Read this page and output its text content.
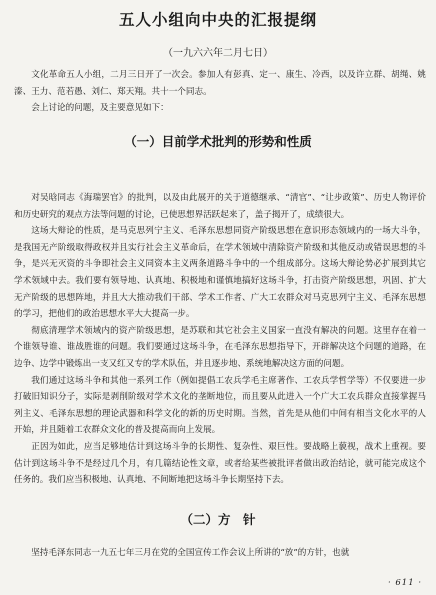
五人小组向中央的汇报提纲
（一九六六年二月七日）

文化革命五人小组，二月三日开了一次会。参加人有彭真、定一、康生、冷西，以及许立群、胡绳、姚溱、王力、范若愚、刘仁、郑天翔。共十一个同志。

会上讨论的问题，及主要意见如下：

（一）目前学术批判的形势和性质

对吴晗同志《海瑞罢官》的批判，以及由此展开的关于道德继承、“清官”、“让步政策”、历史人物评价和历史研究的观点方法等问题的讨论，已使思想界活跃起来了，盖子揭开了，成绩很大。

这场大辩论的性质，是马克思列宁主义、毛泽东思想同资产阶级思想在意识形态领域内的一场大斗争，是我国无产阶级取得政权并且实行社会主义革命后，在学术领域中清除资产阶级和其他反动或错误思想的斗争，是兴无灭资的斗争即社会主义同资本主义两条道路斗争中的一个组成部分。这场大辩论势必扩展到其它学术领域中去。我们要有领导地、认真地、积极地和谨慎地搞好这场斗争，打击资产阶级思想，巩固、扩大无产阶级的思想阵地，并且大大推动我们干部、学术工作者、广大工农群众对马克思列宁主义、毛泽东思想的学习，把他们的政治思想水平大大提高一步。

彻底清理学术领域内的资产阶级思想，是苏联和其它社会主义国家一直没有解决的问题。这里存在着一个谁领导谁、谁战胜谁的问题。我们要通过这场斗争，在毛泽东思想指导下，开辟解决这个问题的道路，在边争、边学中锻炼出一支又红又专的学术队伍，并且逐步地、系统地解决这方面的问题。

我们通过这场斗争和其他一系列工作（例如提倡工农兵学毛主席著作、工农兵学哲学等）不仅要进一步打破旧知识分子，实际是剥削阶级对学术文化的垄断地位，而且要从此进入一个广大工农兵群众直接掌握马列主义、毛泽东思想的理论武器和科学文化的新的历史时期。当然，首先是从他们中间有相当文化水平的人开始，并且随着工农群众文化的普及提高而向上发展。

正因为如此，应当足够地估计到这场斗争的长期性、复杂性、艰巨性。要战略上藐视，战术上重视。要估计到这场斗争不是经过几个月，有几篇结论性文章，或者给某些被批评者做出政治结论，就可能完成这个任务的。我们应当积极地、认真地、不间断地把这场斗争长期坚持下去。

（二）方　针

坚持毛泽东同志一九五七年三月在党的全国宣传工作会议上所讲的“放”的方针，也就

· 611 ·
